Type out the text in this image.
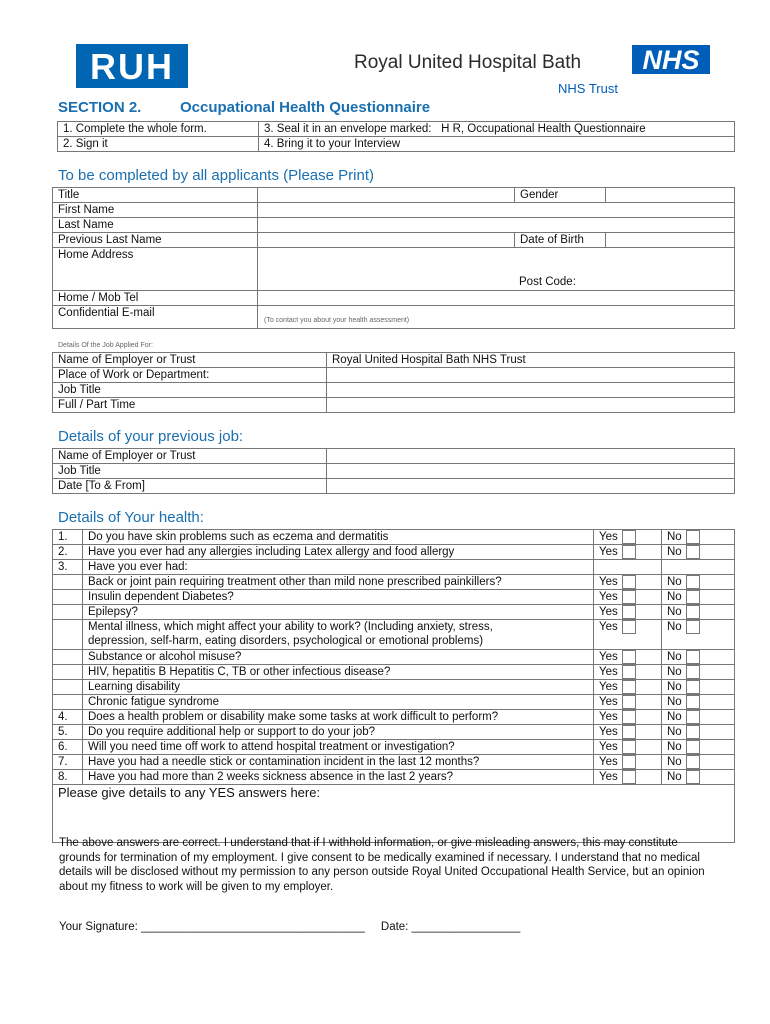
RUH	Royal United Hospital Bath	NHS
NHS Trust
SECTION 2.	Occupational Health Questionnaire
1. Complete the whole form.	3. Seal it in an envelope marked: H R, Occupational Health Questionnaire
2. Sign it	4. Bring it to your Interview
To be completed by all applicants (Please Print)
Title		Gender	
First Name			
Last Name			
Previous Last Name		Date of Birth	
Home Address	Post Code:		

Home / Mob Tel			
Confidential E-mail	(To contact you about your health assessment)		
Details Of the Job Applied For:
Name of Employer or Trust	Royal United Hospital Bath NHS Trust
Place of Work or Department:	
Job Title	
Full / Part Time	
Details of your previous job:
Name of Employer or Trust	
Job Title	
Date [To & From]	
Details of Your health:
1.	Do you have skin problems such as eczema and dermatitis	Yes	No
2.	Have you ever had any allergies including Latex allergy and food allergy	Yes	No
3.	Have you ever had:		
	Back or joint pain requiring treatment other than mild none prescribed painkillers?	Yes	No
	Insulin dependent Diabetes?	Yes	No
	Epilepsy?	Yes	No

	Mental illness, which might affect your ability to work? (Including anxiety, stress,
depression, self-harm, eating disorders, psychological or emotional problems)	Yes	No
	Substance or alcohol misuse?	Yes	No
	HIV, hepatitis B Hepatitis C, TB or other infectious disease?	Yes	No
	Learning disability	Yes	No
	Chronic fatigue syndrome	Yes	No
4.	Does a health problem or disability make some tasks at work difficult to perform?	Yes	No
5.	Do you require additional help or support to do your job?	Yes	No
6.	Will you need time off work to attend hospital treatment or investigation?	Yes	No
7.	Have you had a needle stick or contamination incident in the last 12 months?	Yes	No
8.	Have you had more than 2 weeks sickness absence in the last 2 years?	Yes	No
Please give details to any YES answers here:			
The above answers are correct. I understand that if I withhold information, or give misleading answers, this may constitute grounds for termination of my employment. I give consent to be medically examined if necessary. I understand that no medical details will be disclosed without my permission to any person outside Royal United Occupational Health Service, but an opinion about my fitness to work will be given to my employer.
Your Signature: ___________________________________ Date: _________________
